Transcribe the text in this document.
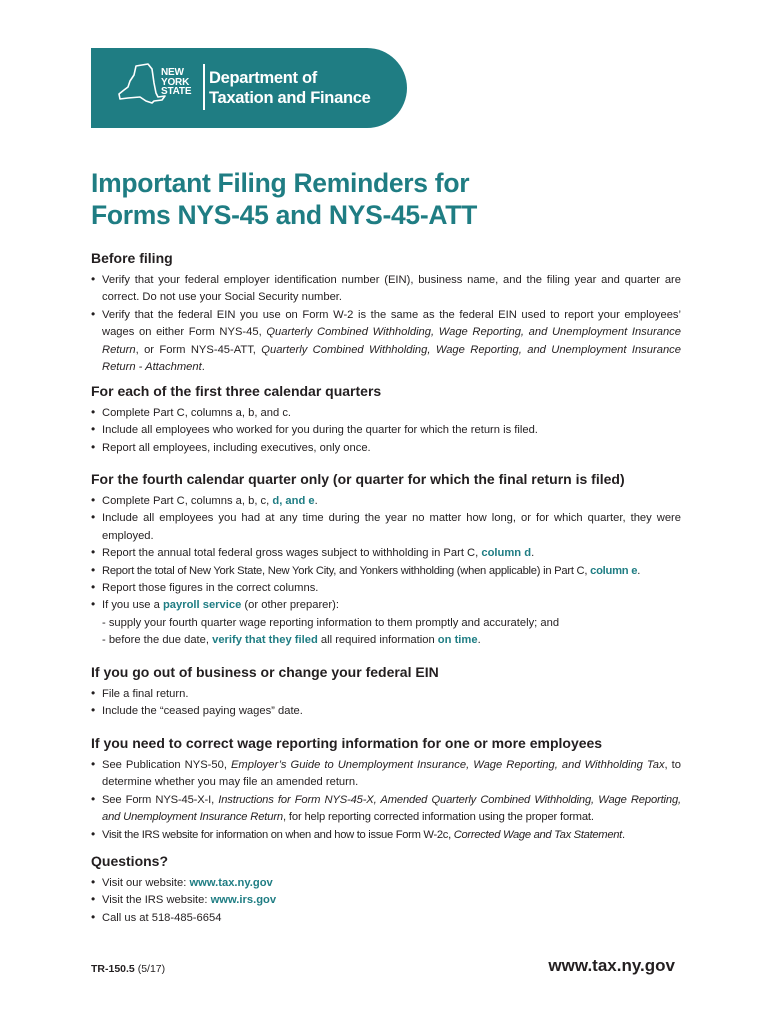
NEW
YORK
STATE
Department of
Taxation and Finance
Important Filing Reminders for
Forms NYS-45 and NYS-45-ATT
Before filing
• Verify that your federal employer identification number (EIN), business name, and the filing year and quarter are correct. Do not use your Social Security number.
• Verify that the federal EIN you use on Form W-2 is the same as the federal EIN used to report your employees’ wages on either Form NYS-45, Quarterly Combined Withholding, Wage Reporting, and Unemployment Insurance Return, or Form NYS-45-ATT, Quarterly Combined Withholding, Wage Reporting, and Unemployment Insurance Return - Attachment.
For each of the first three calendar quarters
• Complete Part C, columns a, b, and c.
• Include all employees who worked for you during the quarter for which the return is filed.
• Report all employees, including executives, only once.
For the fourth calendar quarter only (or quarter for which the final return is filed)
• Complete Part C, columns a, b, c, d, and e.
• Include all employees you had at any time during the year no matter how long, or for which quarter, they were employed.
• Report the annual total federal gross wages subject to withholding in Part C, column d.
• Report the total of New York State, New York City, and Yonkers withholding (when applicable) in Part C, column e.
• Report those figures in the correct columns.
• If you use a payroll service (or other preparer):
- supply your fourth quarter wage reporting information to them promptly and accurately; and
- before the due date, verify that they filed all required information on time.
If you go out of business or change your federal EIN
• File a final return.
• Include the “ceased paying wages” date.
If you need to correct wage reporting information for one or more employees
• See Publication NYS-50, Employer’s Guide to Unemployment Insurance, Wage Reporting, and Withholding Tax, to determine whether you may file an amended return.
• See Form NYS-45-X-I, Instructions for Form NYS-45-X, Amended Quarterly Combined Withholding, Wage Reporting, and Unemployment Insurance Return, for help reporting corrected information using the proper format.
• Visit the IRS website for information on when and how to issue Form W-2c, Corrected Wage and Tax Statement.
Questions?
• Visit our website: www.tax.ny.gov
• Visit the IRS website: www.irs.gov
• Call us at 518-485-6654
TR-150.5 (5/17)	www.tax.ny.gov
